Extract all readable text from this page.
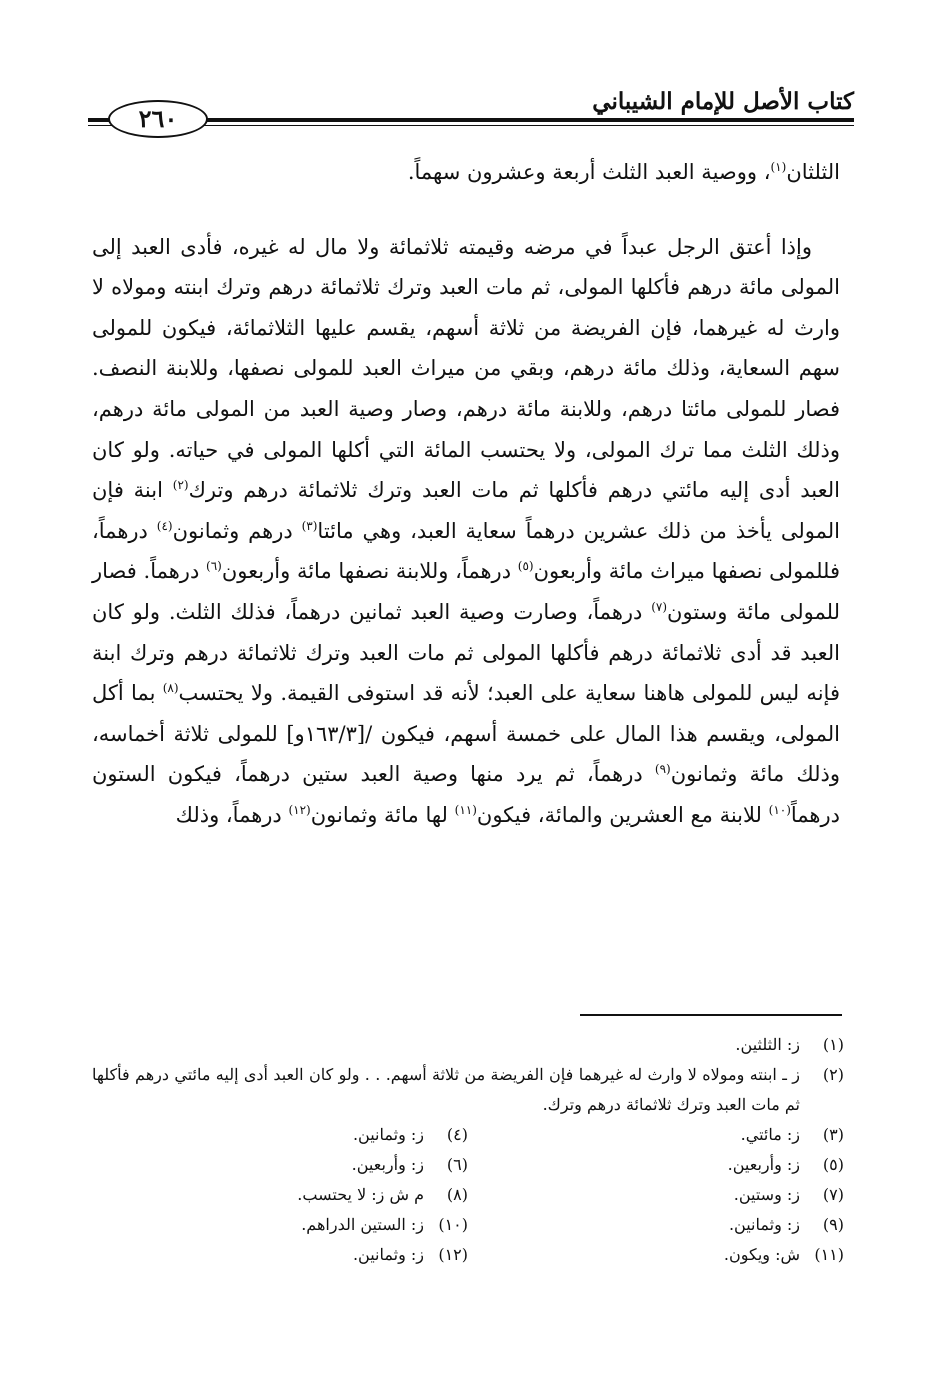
كتاب الأصل للإمام الشيباني
٢٦٠

الثلثان$^{(١)}$، ووصية العبد الثلث أربعة وعشرون سهماً.

وإذا أعتق الرجل عبداً في مرضه وقيمته ثلاثمائة ولا مال له غيره، فأدى العبد إلى المولى مائة درهم فأكلها المولى، ثم مات العبد وترك ثلاثمائة درهم وترك ابنته ومولاه لا وارث له غيرهما، فإن الفريضة من ثلاثة أسهم، يقسم عليها الثلاثمائة، فيكون للمولى سهم السعاية، وذلك مائة درهم، وبقي من ميراث العبد للمولى نصفها، وللابنة النصف. فصار للمولى مائتا درهم، وللابنة مائة درهم، وصار وصية العبد من المولى مائة درهم، وذلك الثلث مما ترك المولى، ولا يحتسب المائة التي أكلها المولى في حياته. ولو كان العبد أدى إليه مائتي درهم فأكلها ثم مات العبد وترك ثلاثمائة درهم وترك$^{(٢)}$ ابنة فإن المولى يأخذ من ذلك عشرين درهماً سعاية العبد، وهي مائتا$^{(٣)}$ درهم وثمانون$^{(٤)}$ درهماً، فللمولى نصفها ميراث مائة وأربعون$^{(٥)}$ درهماً، وللابنة نصفها مائة وأربعون$^{(٦)}$ درهماً. فصار للمولى مائة وستون$^{(٧)}$ درهماً، وصارت وصية العبد ثمانين درهماً، فذلك الثلث. ولو كان العبد قد أدى ثلاثمائة درهم فأكلها المولى ثم مات العبد وترك ثلاثمائة درهم وترك ابنة فإنه ليس للمولى هاهنا سعاية على العبد؛ لأنه قد استوفى القيمة. ولا يحتسب$^{(٨)}$ بما أكل المولى، ويقسم هذا المال على خمسة أسهم، فيكون /[١٦٣/٣و] للمولى ثلاثة أخماسه، وذلك مائة وثمانون$^{(٩)}$ درهماً، ثم يرد منها وصية العبد ستين درهماً، فيكون الستون درهماً$^{(١٠)}$ للابنة مع العشرين والمائة، فيكون$^{(١١)}$ لها مائة وثمانون$^{(١٢)}$ درهماً، وذلك

(١)
ز: الثلثين.
(٢)
ز ـ ابنته ومولاه لا وارث له غيرهما فإن الفريضة من ثلاثة أسهم. . . ولو كان العبد أدى إليه مائتي درهم فأكلها ثم مات العبد وترك ثلاثمائة درهم وترك.
(٣)
ز: مائتي.
(٤)
ز: وثمانين.
(٥)
ز: وأربعين.
(٦)
ز: وأربعين.
(٧)
ز: وستين.
(٨)
م ش ز: لا يحتسب.
(٩)
ز: وثمانين.
(١٠)
ز: الستين الدراهم.
(١١)
ش: ويكون.
(١٢)
ز: وثمانين.
